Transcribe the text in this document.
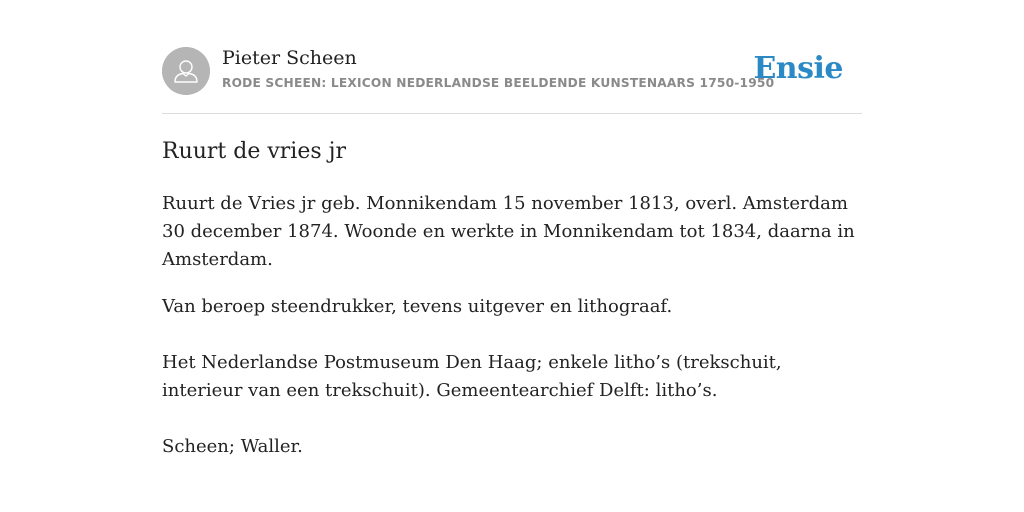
Pieter Scheen
RODE SCHEEN: LEXICON NEDERLANDSE BEELDENDE KUNSTENAARS 1750-1950
Ensie
Ruurt de vries jr
Ruurt de Vries jr geb. Monnikendam 15 november 1813, overl. Amsterdam 30 december 1874. Woonde en werkte in Monnikendam tot 1834, daarna in Amsterdam.
Van beroep steendrukker, tevens uitgever en lithograaf.
Het Nederlandse Postmuseum Den Haag; enkele litho’s (trekschuit, interieur van een trekschuit). Gemeentearchief Delft: litho’s.
Scheen; Waller.
